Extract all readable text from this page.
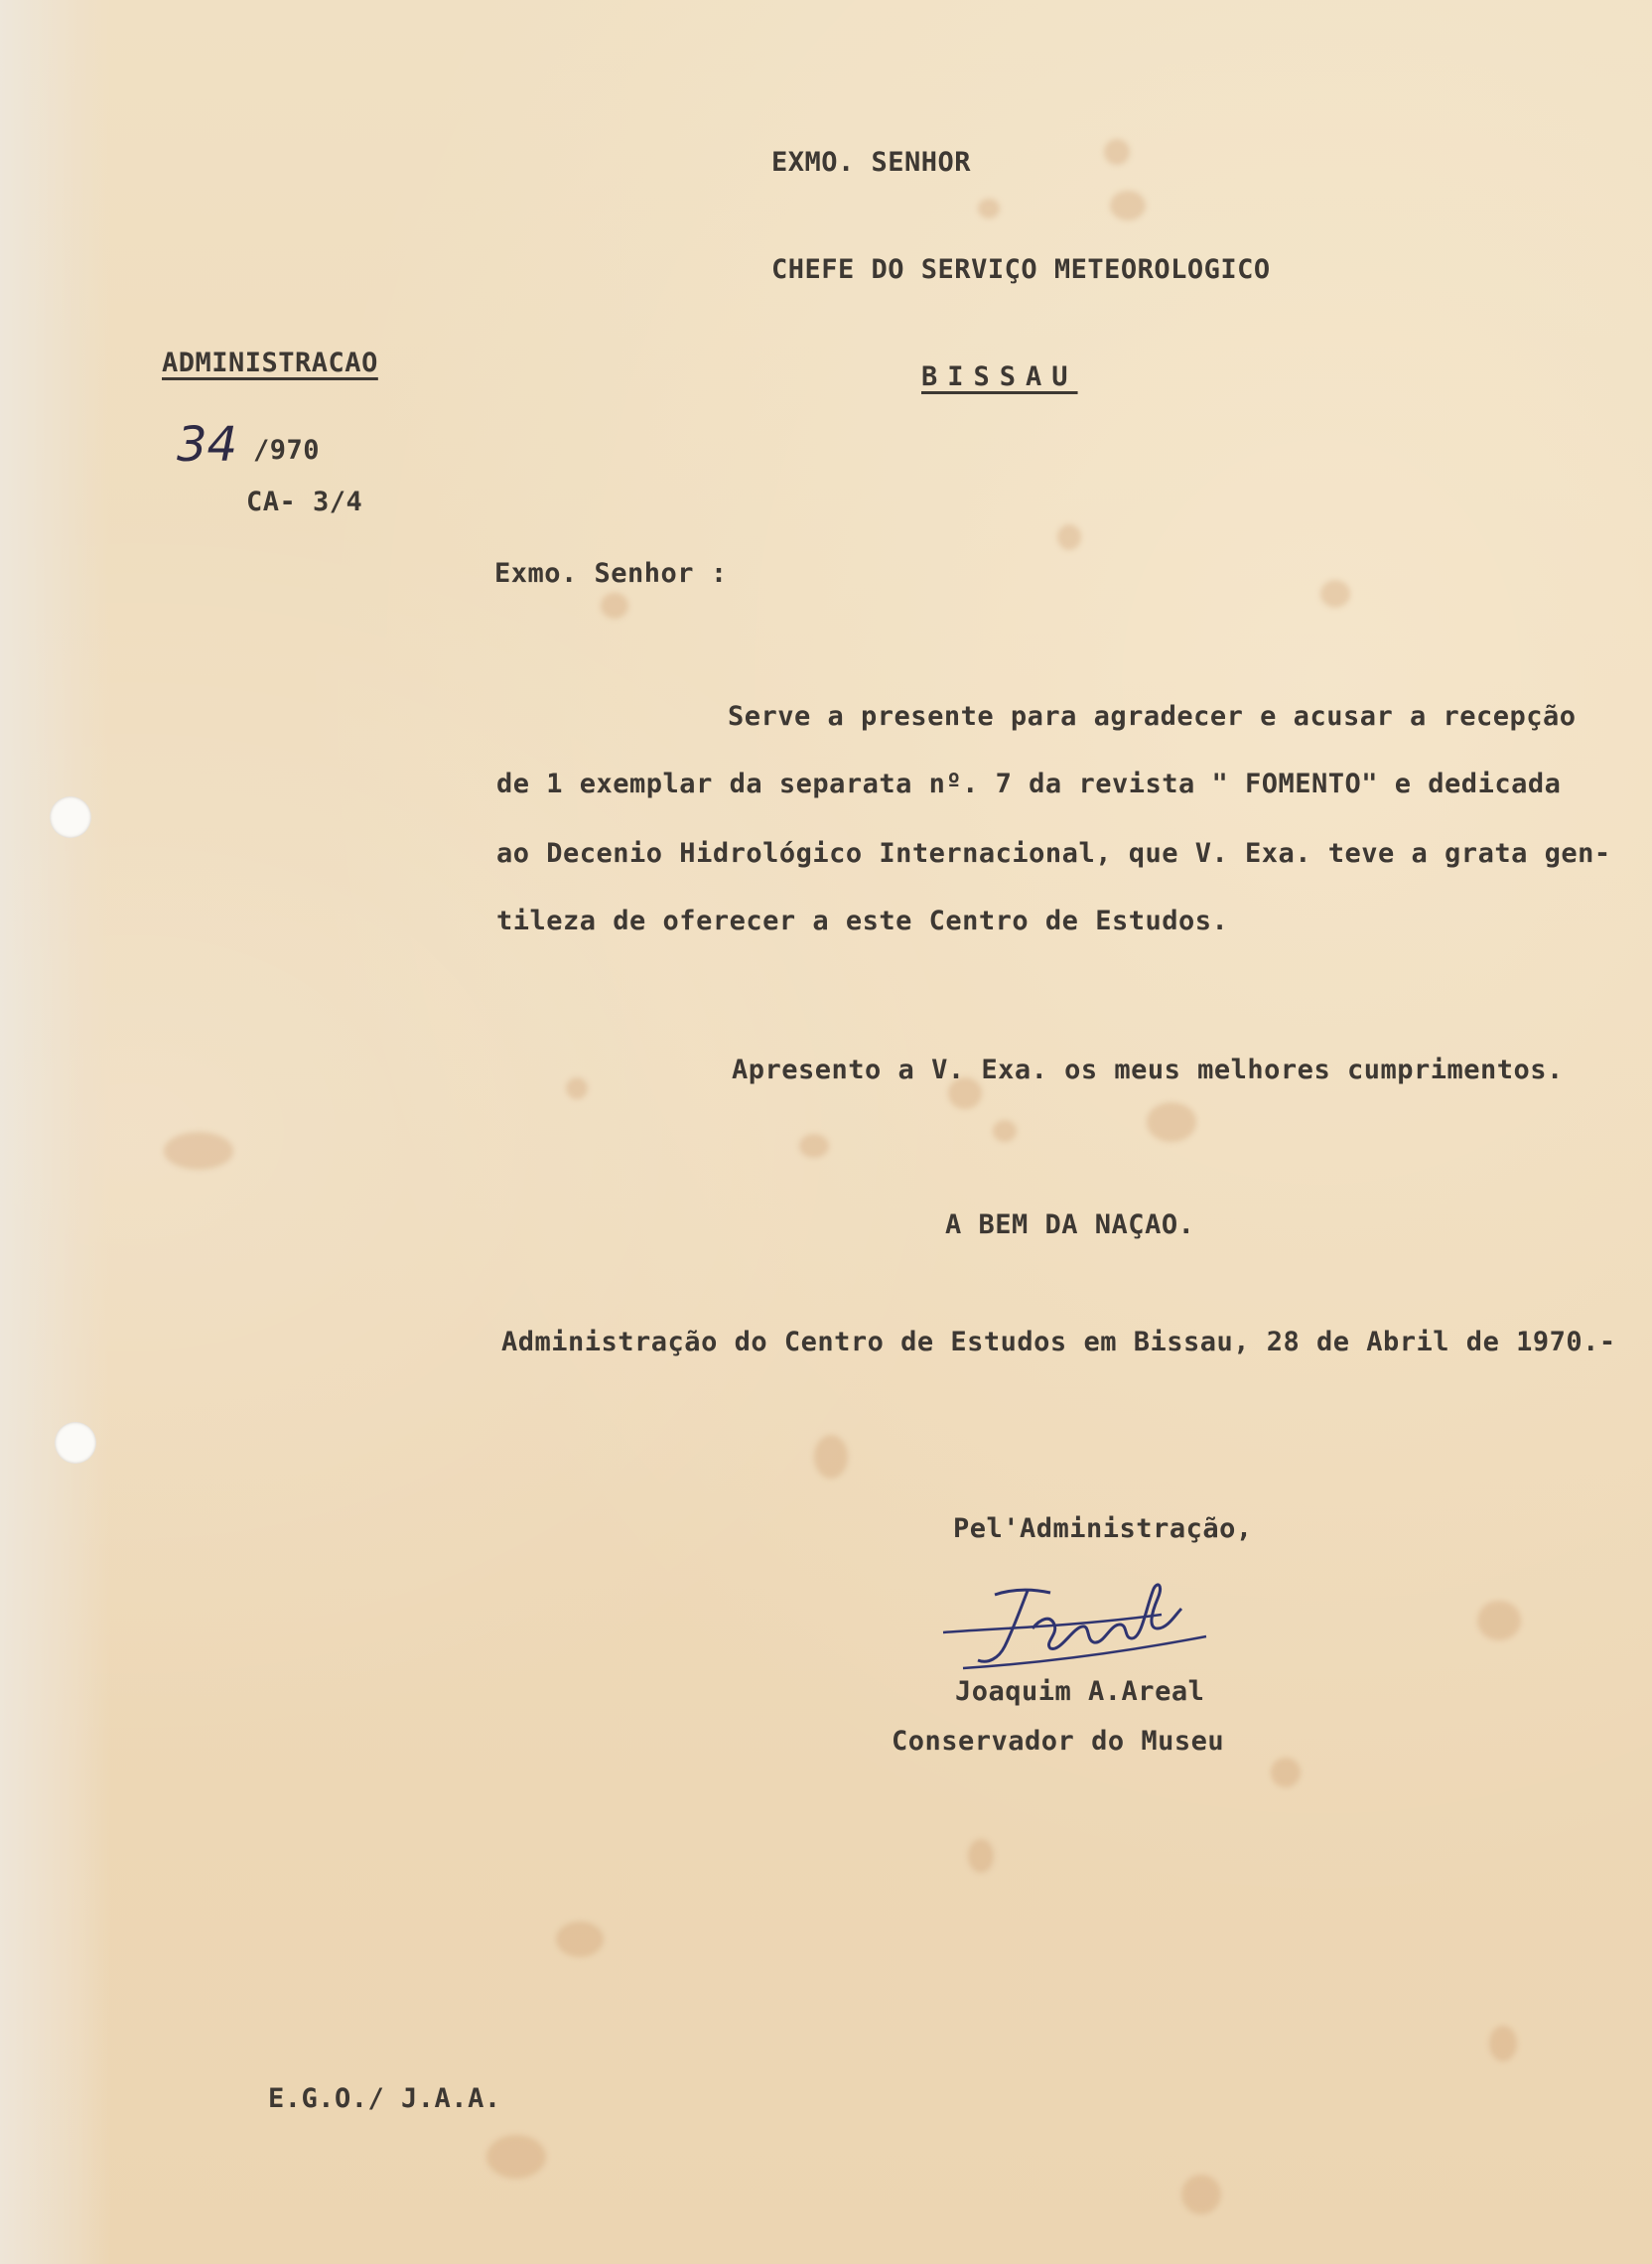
EXMO. SENHOR
CHEFE DO SERVIÇO METEOROLOGICO
BISSAU
ADMINISTRACAO
34 /970
CA- 3/4
Exmo. Senhor :
Serve a presente para agradecer e acusar a recepção
de 1 exemplar da separata nº. 7 da revista " FOMENTO" e dedicada
ao Decenio Hidrológico Internacional, que V. Exa. teve a grata gen-
tileza de oferecer a este Centro de Estudos.
Apresento a V. Exa. os meus melhores cumprimentos.
A BEM DA NAÇAO.
Administração do Centro de Estudos em Bissau, 28 de Abril de 1970.-
Pel'Administração,
Joaquim A.Areal
Conservador do Museu
E.G.O./ J.A.A.
